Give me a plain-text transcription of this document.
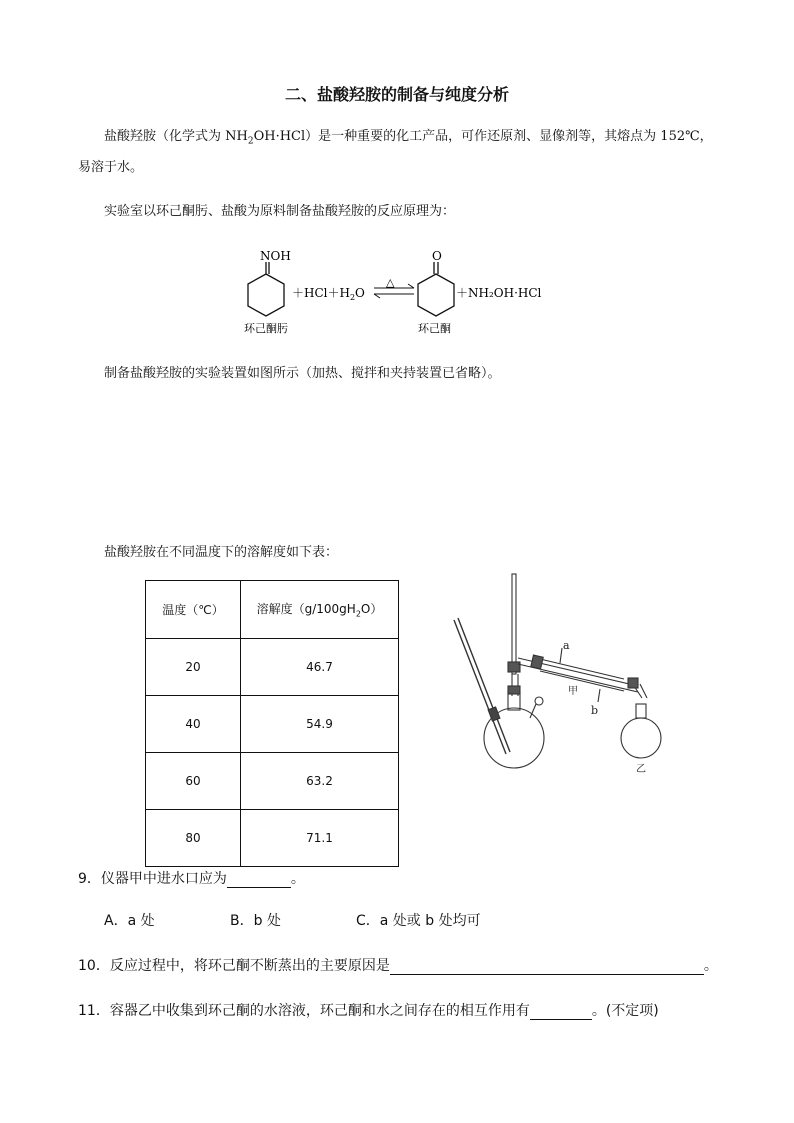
二、盐酸羟胺的制备与纯度分析
盐酸羟胺（化学式为 $NH_2OH\cdot HCl$）是一种重要的化工产品，可作还原剂、显像剂等，其熔点为 152℃，
易溶于水。
实验室以环己酮肟、盐酸为原料制备盐酸羟胺的反应原理为：
NOH
环己酮肟
$+HCl+H_2O$
△
O
环己酮
＋NH₂OH·HCl
制备盐酸羟胺的实验装置如图所示（加热、搅拌和夹持装置已省略）。
盐酸羟胺在不同温度下的溶解度如下表：
温度（℃）	溶解度$(g/100gH_2O)$
20	46.7
40	54.9
60	63.2
80	71.1
a
b
甲
乙
9．仪器甲中进水口应为	。
A．a 处	B．b 处	C．a 处或 b 处均可
10．反应过程中，将环己酮不断蒸出的主要原因是	。
11．容器乙中收集到环己酮的水溶液，环己酮和水之间存在的相互作用有	。(不定项)
